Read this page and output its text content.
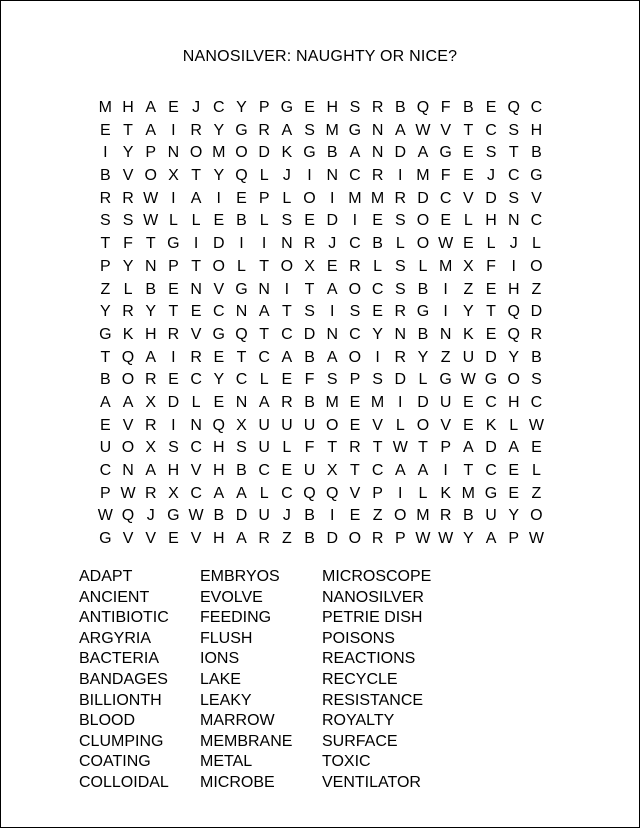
NANOSILVER: NAUGHTY OR NICE?
M H A E J C Y P G E H S R B Q F B E Q C
E T A I R Y G R A S M G N A W V T C S H
I Y P N O M O D K G B A N D A G E S T B
B V O X T Y Q L J	I N C R I M F E J C G
R R W I A I E P L O I M M R D C V D S V
S S W L L E B L S E D I E S O E L H N C
T F T G I D I	I N R J C B L O W E L J L
P Y N P T O L T O X E R L S L M X F I O
Z L B E N V G N I T A O C S B I Z E H Z
Y R Y T E C N A T S I S E R G I Y T Q D
G K H R V G Q T C D N C Y N B N K E Q R
T Q A I R E T C A B A O I R Y Z U D Y B
B O R E C Y C L E F S P S D L G W G O S
A A X D L E N A R B M E M I D U E C H C
E V R I N Q X U U U O E V L O V E K L W
U O X S C H S U L F T R T W T P A D A E
C N A H V H B C E U X T C A A I T C E L
P W R X C A A L C Q Q V P I	L K M G E Z
W Q J G W B D U J B I E Z O M R B U Y O
G V V E V H A R Z B D O R P W W Y A P W
ADAPT
ANCIENT
ANTIBIOTIC
ARGYRIA
BACTERIA
BANDAGES
BILLIONTH
BLOOD
CLUMPING
COATING
COLLOIDAL
EMBRYOS
EVOLVE
FEEDING
FLUSH
IONS
LAKE
LEAKY
MARROW
MEMBRANE
METAL
MICROBE
MICROSCOPE
NANOSILVER
PETRIE DISH
POISONS
REACTIONS
RECYCLE
RESISTANCE
ROYALTY
SURFACE
TOXIC
VENTILATOR
